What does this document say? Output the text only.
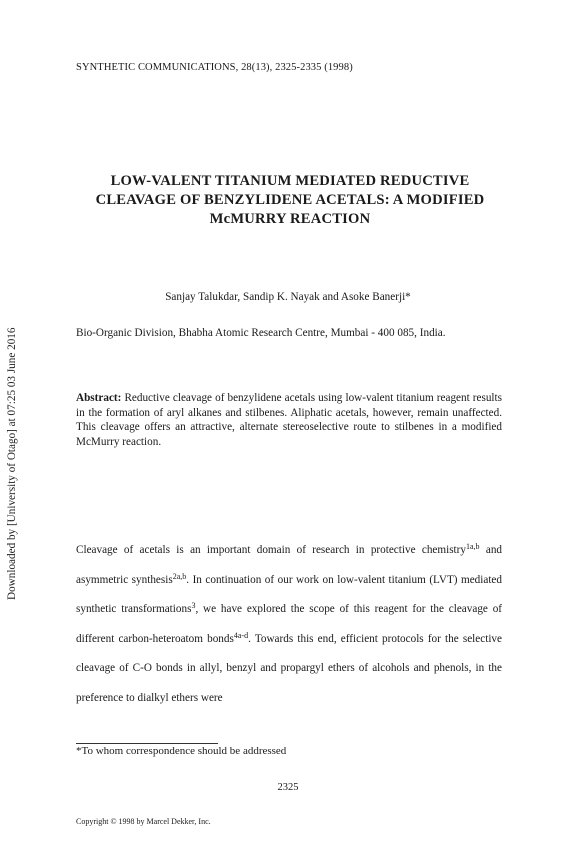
SYNTHETIC COMMUNICATIONS, 28(13), 2325-2335 (1998)
Downloaded by [University of Otago] at 07:25 03 June 2016
LOW-VALENT TITANIUM MEDIATED REDUCTIVE
CLEAVAGE OF BENZYLIDENE ACETALS: A MODIFIED
McMURRY REACTION
Sanjay Talukdar, Sandip K. Nayak and Asoke Banerji*
Bio-Organic Division, Bhabha Atomic Research Centre, Mumbai - 400 085, India.

Abstract: Reductive cleavage of benzylidene acetals using low-valent titanium reagent results in the formation of aryl alkanes and stilbenes. Aliphatic acetals, however, remain unaffected. This cleavage offers an attractive, alternate stereoselective route to stilbenes in a modified McMurry reaction.

Cleavage of acetals is an important domain of research in protective chemistry$^{1a,b}$ and asymmetric synthesis$^{2a,b}$. In continuation of our work on low-valent titanium (LVT) mediated synthetic transformations$^3$, we have explored the scope of this reagent for the cleavage of different carbon-heteroatom bonds$^{4a-d}$. Towards this end, efficient protocols for the selective cleavage of C-O bonds in allyl, benzyl and propargyl ethers of alcohols and phenols, in the preference to dialkyl ethers were

*To whom correspondence should be addressed
2325
Copyright © 1998 by Marcel Dekker, Inc.
